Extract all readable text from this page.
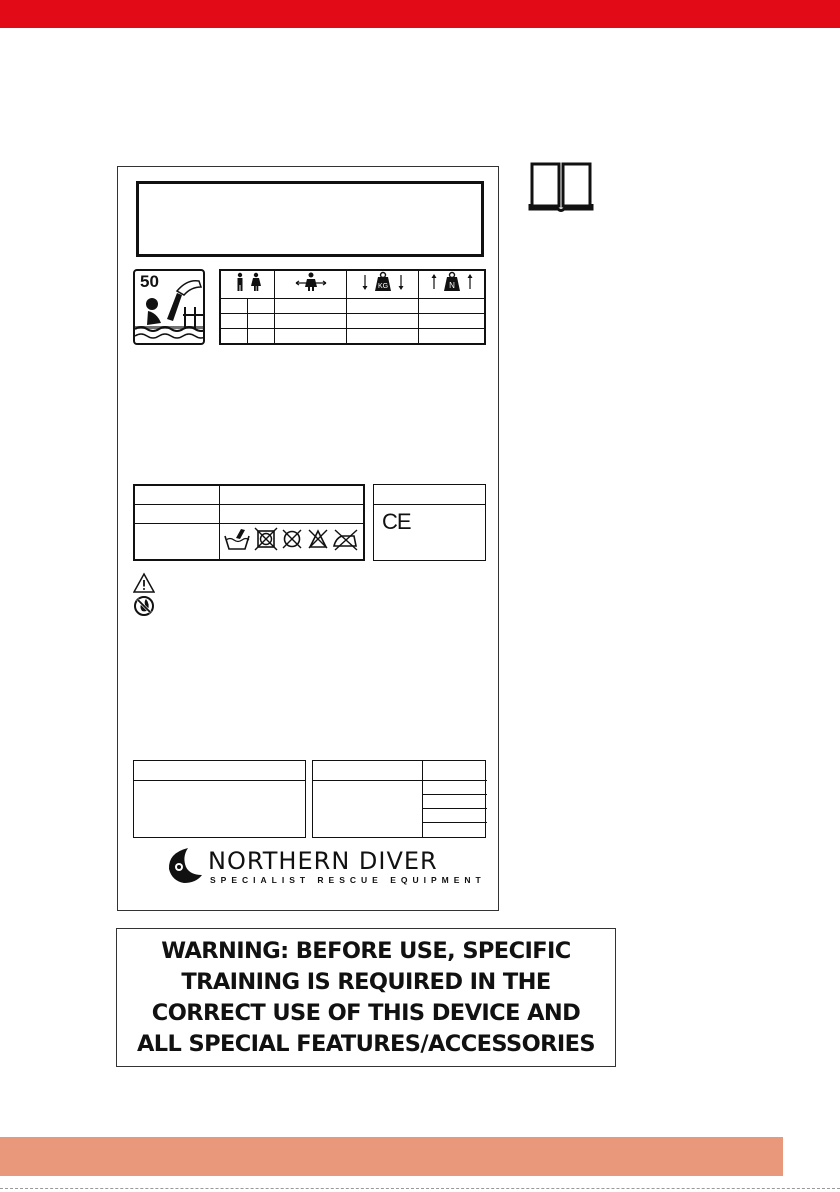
50
			KG	N

CE
NORTHERN DIVER
SPECIALIST RESCUE EQUIPMENT

WARNING: BEFORE USE, SPECIFIC
TRAINING IS REQUIRED IN THE
CORRECT USE OF THIS DEVICE AND
ALL SPECIAL FEATURES/ACCESSORIES
